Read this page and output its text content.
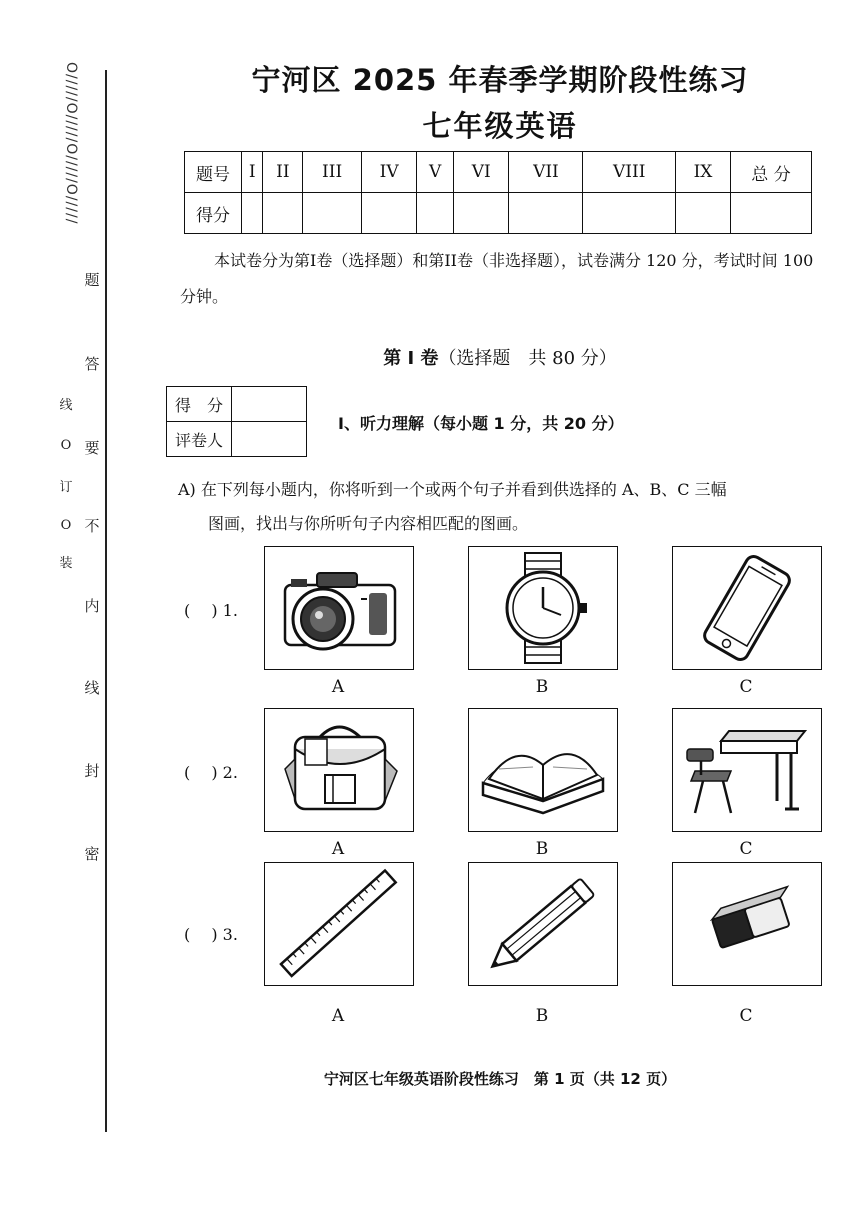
O/////O/////O/////O/////
题
答
要
不
内
线
封
密
线
O
订
O
装
宁河区 2025 年春季学期阶段性练习
七年级英语
题号	I	II	III	IV	V	VI	VII	VIII	IX	总 分
得分										
本试卷分为第I卷（选择题）和第II卷（非选择题），试卷满分 120 分，考试时间 100 分钟。
第 I 卷（选择题　共 80 分）
得　分	
评卷人	
I、听力理解（每小题 1 分，共 20 分）
A) 在下列每小题内，你将听到一个或两个句子并看到供选择的 A、B、C 三幅
图画，找出与你所听句子内容相匹配的图画。
(　 ) 1.
(　 ) 2.
(　 ) 3.
A	B	C
A	B	C
A	B	C
宁河区七年级英语阶段性练习　第 1 页（共 12 页）
